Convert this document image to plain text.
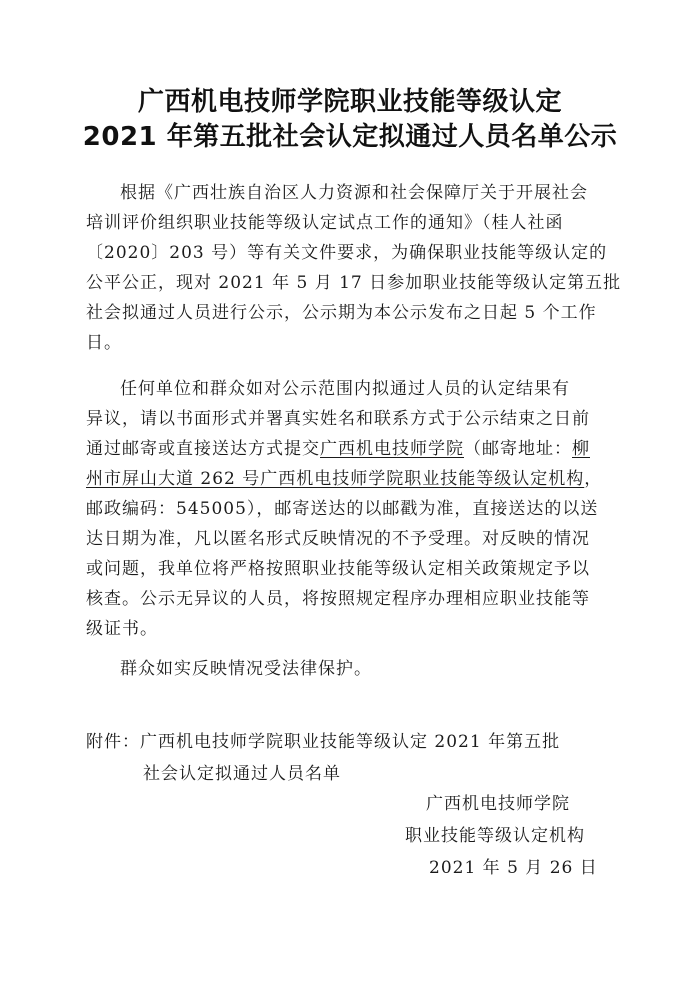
广西机电技师学院职业技能等级认定
2021 年第五批社会认定拟通过人员名单公示
根据《广西壮族自治区人力资源和社会保障厅关于开展社会
培训评价组织职业技能等级认定试点工作的通知》（桂人社函
〔2020〕203 号）等有关文件要求，为确保职业技能等级认定的
公平公正，现对 2021 年 5 月 17 日参加职业技能等级认定第五批
社会拟通过人员进行公示，公示期为本公示发布之日起 5 个工作
日。
任何单位和群众如对公示范围内拟通过人员的认定结果有
异议，请以书面形式并署真实姓名和联系方式于公示结束之日前
通过邮寄或直接送达方式提交广西机电技师学院（邮寄地址：柳
州市屏山大道 262 号广西机电技师学院职业技能等级认定机构，
邮政编码：545005），邮寄送达的以邮戳为准，直接送达的以送
达日期为准，凡以匿名形式反映情况的不予受理。对反映的情况
或问题，我单位将严格按照职业技能等级认定相关政策规定予以
核查。公示无异议的人员，将按照规定程序办理相应职业技能等
级证书。
群众如实反映情况受法律保护。
附件：广西机电技师学院职业技能等级认定 2021 年第五批
社会认定拟通过人员名单
广西机电技师学院
职业技能等级认定机构
2021 年 5 月 26 日
